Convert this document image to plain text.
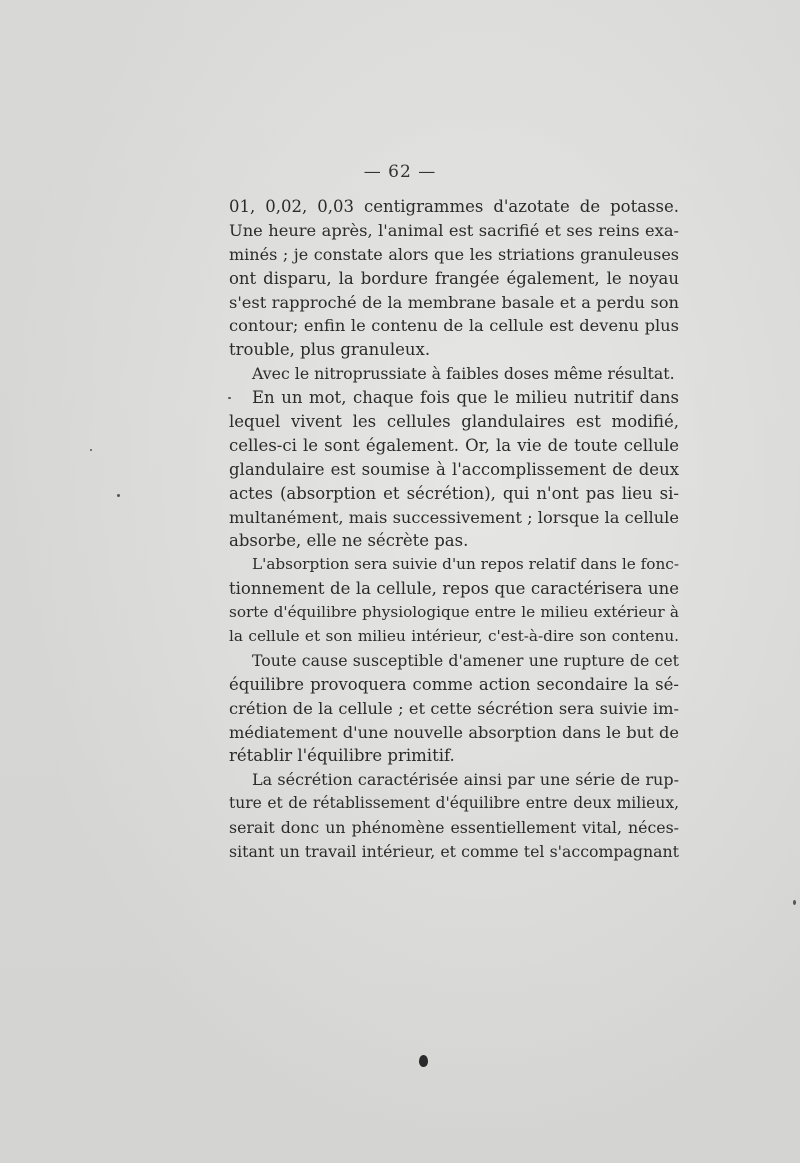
— 62 —
01, 0,02, 0,03 centigrammes d'azotate de potasse.
Une heure après, l'animal est sacrifié et ses reins exa-
minés ; je constate alors que les striations granuleuses
ont disparu, la bordure frangée également, le noyau
s'est rapproché de la membrane basale et a perdu son
contour; enfin le contenu de la cellule est devenu plus
trouble, plus granuleux.
Avec le nitroprussiate à faibles doses même résultat.
En un mot, chaque fois que le milieu nutritif dans
lequel vivent les cellules glandulaires est modifié,
celles-ci le sont également. Or, la vie de toute cellule
glandulaire est soumise à l'accomplissement de deux
actes (absorption et sécrétion), qui n'ont pas lieu si-
multanément, mais successivement ; lorsque la cellule
absorbe, elle ne sécrète pas.
L'absorption sera suivie d'un repos relatif dans le fonc-
tionnement de la cellule, repos que caractérisera une
sorte d'équilibre physiologique entre le milieu extérieur à
la cellule et son milieu intérieur, c'est-à-dire son contenu.
Toute cause susceptible d'amener une rupture de cet
équilibre provoquera comme action secondaire la sé-
crétion de la cellule ; et cette sécrétion sera suivie im-
médiatement d'une nouvelle absorption dans le but de
rétablir l'équilibre primitif.
La sécrétion caractérisée ainsi par une série de rup-
ture et de rétablissement d'équilibre entre deux milieux,
serait donc un phénomène essentiellement vital, néces-
sitant un travail intérieur, et comme tel s'accompagnant
